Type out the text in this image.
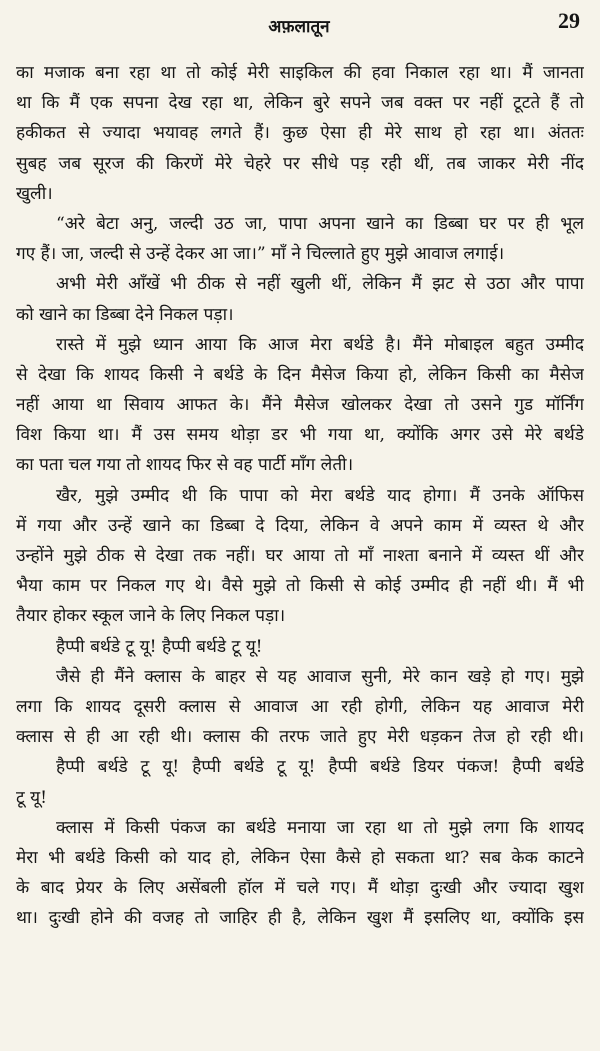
अफ़लातून	29
का मजाक बना रहा था तो कोई मेरी साइकिल की हवा निकाल रहा था। मैं जानता
था कि मैं एक सपना देख रहा था, लेकिन बुरे सपने जब वक्त पर नहीं टूटते हैं तो
हकीकत से ज्यादा भयावह लगते हैं। कुछ ऐसा ही मेरे साथ हो रहा था। अंततः
सुबह जब सूरज की किरणें मेरे चेहरे पर सीधे पड़ रही थीं, तब जाकर मेरी नींद
खुली।
“अरे बेटा अनु, जल्दी उठ जा, पापा अपना खाने का डिब्बा घर पर ही भूल
गए हैं। जा, जल्दी से उन्हें देकर आ जा।” माँ ने चिल्लाते हुए मुझे आवाज लगाई।
अभी मेरी आँखें भी ठीक से नहीं खुली थीं, लेकिन मैं झट से उठा और पापा
को खाने का डिब्बा देने निकल पड़ा।
रास्ते में मुझे ध्यान आया कि आज मेरा बर्थडे है। मैंने मोबाइल बहुत उम्मीद
से देखा कि शायद किसी ने बर्थडे के दिन मैसेज किया हो, लेकिन किसी का मैसेज
नहीं आया था सिवाय आफत के। मैंने मैसेज खोलकर देखा तो उसने गुड मॉर्निंग
विश किया था। मैं उस समय थोड़ा डर भी गया था, क्योंकि अगर उसे मेरे बर्थडे
का पता चल गया तो शायद फिर से वह पार्टी माँग लेती।
खैर, मुझे उम्मीद थी कि पापा को मेरा बर्थडे याद होगा। मैं उनके ऑफिस
में गया और उन्हें खाने का डिब्बा दे दिया, लेकिन वे अपने काम में व्यस्त थे और
उन्होंने मुझे ठीक से देखा तक नहीं। घर आया तो माँ नाश्ता बनाने में व्यस्त थीं और
भैया काम पर निकल गए थे। वैसे मुझे तो किसी से कोई उम्मीद ही नहीं थी। मैं भी
तैयार होकर स्कूल जाने के लिए निकल पड़ा।
हैप्पी बर्थडे टू यू! हैप्पी बर्थडे टू यू!
जैसे ही मैंने क्लास के बाहर से यह आवाज सुनी, मेरे कान खड़े हो गए। मुझे
लगा कि शायद दूसरी क्लास से आवाज आ रही होगी, लेकिन यह आवाज मेरी
क्लास से ही आ रही थी। क्लास की तरफ जाते हुए मेरी धड़कन तेज हो रही थी।
हैप्पी बर्थडे टू यू! हैप्पी बर्थडे टू यू! हैप्पी बर्थडे डियर पंकज! हैप्पी बर्थडे
टू यू!
क्लास में किसी पंकज का बर्थडे मनाया जा रहा था तो मुझे लगा कि शायद
मेरा भी बर्थडे किसी को याद हो, लेकिन ऐसा कैसे हो सकता था? सब केक काटने
के बाद प्रेयर के लिए असेंबली हॉल में चले गए। मैं थोड़ा दुःखी और ज्यादा खुश
था। दुःखी होने की वजह तो जाहिर ही है, लेकिन खुश मैं इसलिए था, क्योंकि इस
